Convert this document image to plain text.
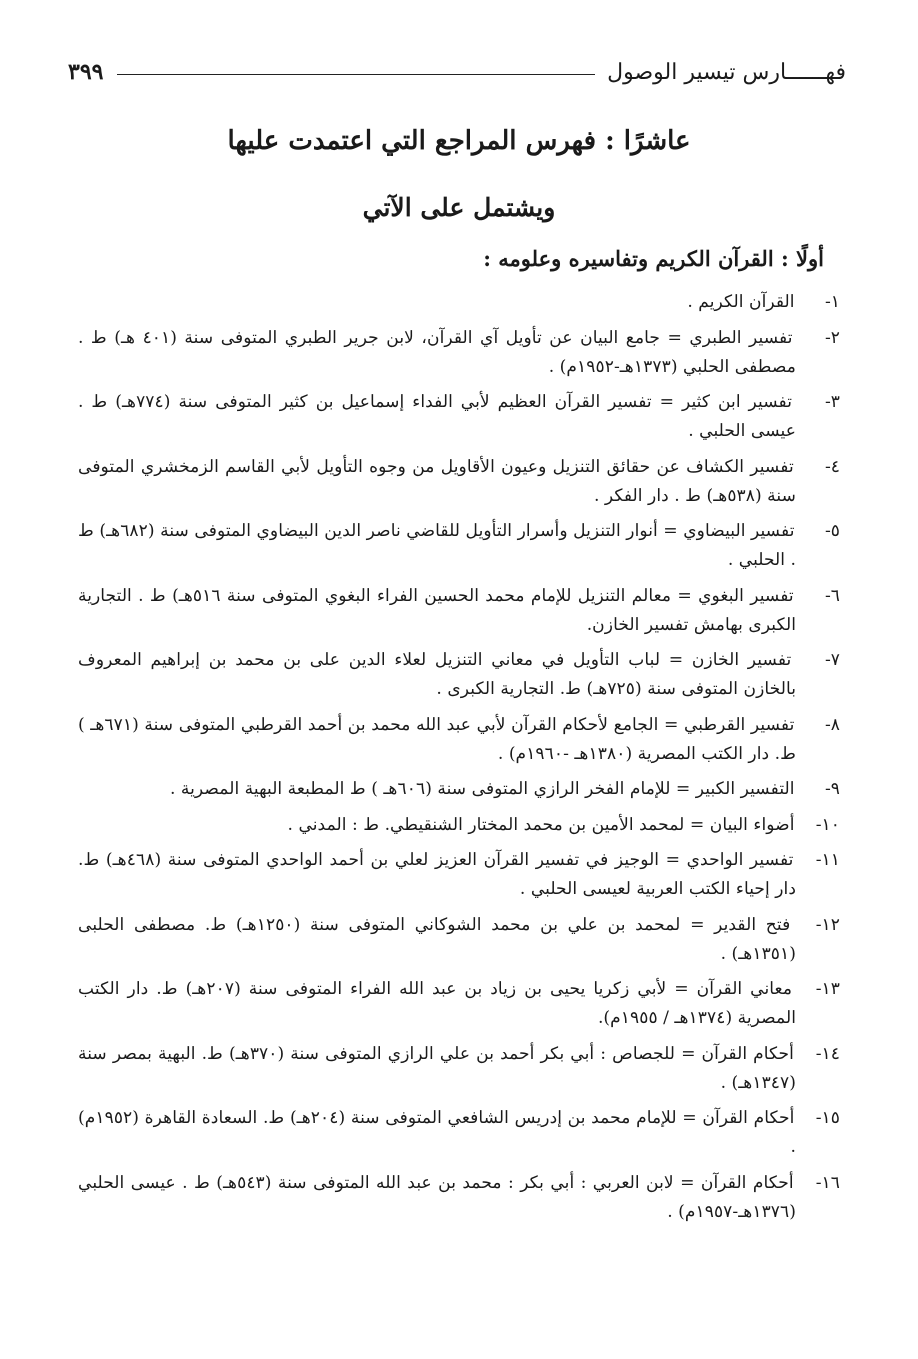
فهــــــارس تيسير الوصول
٣٩٩
عاشرًا : فهرس المراجع التي اعتمدت عليها
ويشتمل على الآتي
أولًا : القرآن الكريم وتفاسيره وعلومه :
١- القرآن الكريم .
٢- تفسير الطبري = جامع البيان عن تأويل آي القرآن، لابن جرير الطبري المتوفى سنة (٤٠١ هـ) ط . مصطفى الحلبي (١٣٧٣هـ-١٩٥٢م) .
٣- تفسير ابن كثير = تفسير القرآن العظيم لأبي الفداء إسماعيل بن كثير المتوفى سنة (٧٧٤هـ) ط . عيسى الحلبي .
٤- تفسير الكشاف عن حقائق التنزيل وعيون الأقاويل من وجوه التأويل لأبي القاسم الزمخشري المتوفى سنة (٥٣٨هـ) ط . دار الفكر .
٥- تفسير البيضاوي = أنوار التنزيل وأسرار التأويل للقاضي ناصر الدين البيضاوي المتوفى سنة (٦٨٢هـ) ط . الحلبي .
٦- تفسير البغوي = معالم التنزيل للإمام محمد الحسين الفراء البغوي المتوفى سنة ٥١٦هـ) ط . التجارية الكبرى بهامش تفسير الخازن.
٧- تفسير الخازن = لباب التأويل في معاني التنزيل لعلاء الدين على بن محمد بن إبراهيم المعروف بالخازن المتوفى سنة (٧٢٥هـ) ط. التجارية الكبرى .
٨- تفسير القرطبي = الجامع لأحكام القرآن لأبي عبد الله محمد بن أحمد القرطبي المتوفى سنة (٦٧١هـ ) ط. دار الكتب المصرية (١٣٨٠هـ -١٩٦٠م) .
٩- التفسير الكبير = للإمام الفخر الرازي المتوفى سنة (٦٠٦هـ ) ط المطبعة البهية المصرية .
١٠- أضواء البيان = لمحمد الأمين بن محمد المختار الشنقيطي. ط : المدني .
١١- تفسير الواحدي = الوجيز في تفسير القرآن العزيز لعلي بن أحمد الواحدي المتوفى سنة (٤٦٨هـ) ط. دار إحياء الكتب العربية لعيسى الحلبي .
١٢- فتح القدير = لمحمد بن علي بن محمد الشوكاني المتوفى سنة (١٢٥٠هـ) ط. مصطفى الحلبى (١٣٥١هـ) .
١٣- معاني القرآن = لأبي زكريا يحيى بن زياد بن عبد الله الفراء المتوفى سنة (٢٠٧هـ) ط. دار الكتب المصرية (١٣٧٤هـ / ١٩٥٥م).
١٤- أحكام القرآن = للجصاص : أبي بكر أحمد بن علي الرازي المتوفى سنة (٣٧٠هـ) ط. البهية بمصر سنة (١٣٤٧هـ) .
١٥- أحكام القرآن = للإمام محمد بن إدريس الشافعي المتوفى سنة (٢٠٤هـ) ط. السعادة القاهرة (١٩٥٢م) .
١٦- أحكام القرآن = لابن العربي : أبي بكر : محمد بن عبد الله المتوفى سنة (٥٤٣هـ) ط . عيسى الحلبي (١٣٧٦هـ-١٩٥٧م) .
